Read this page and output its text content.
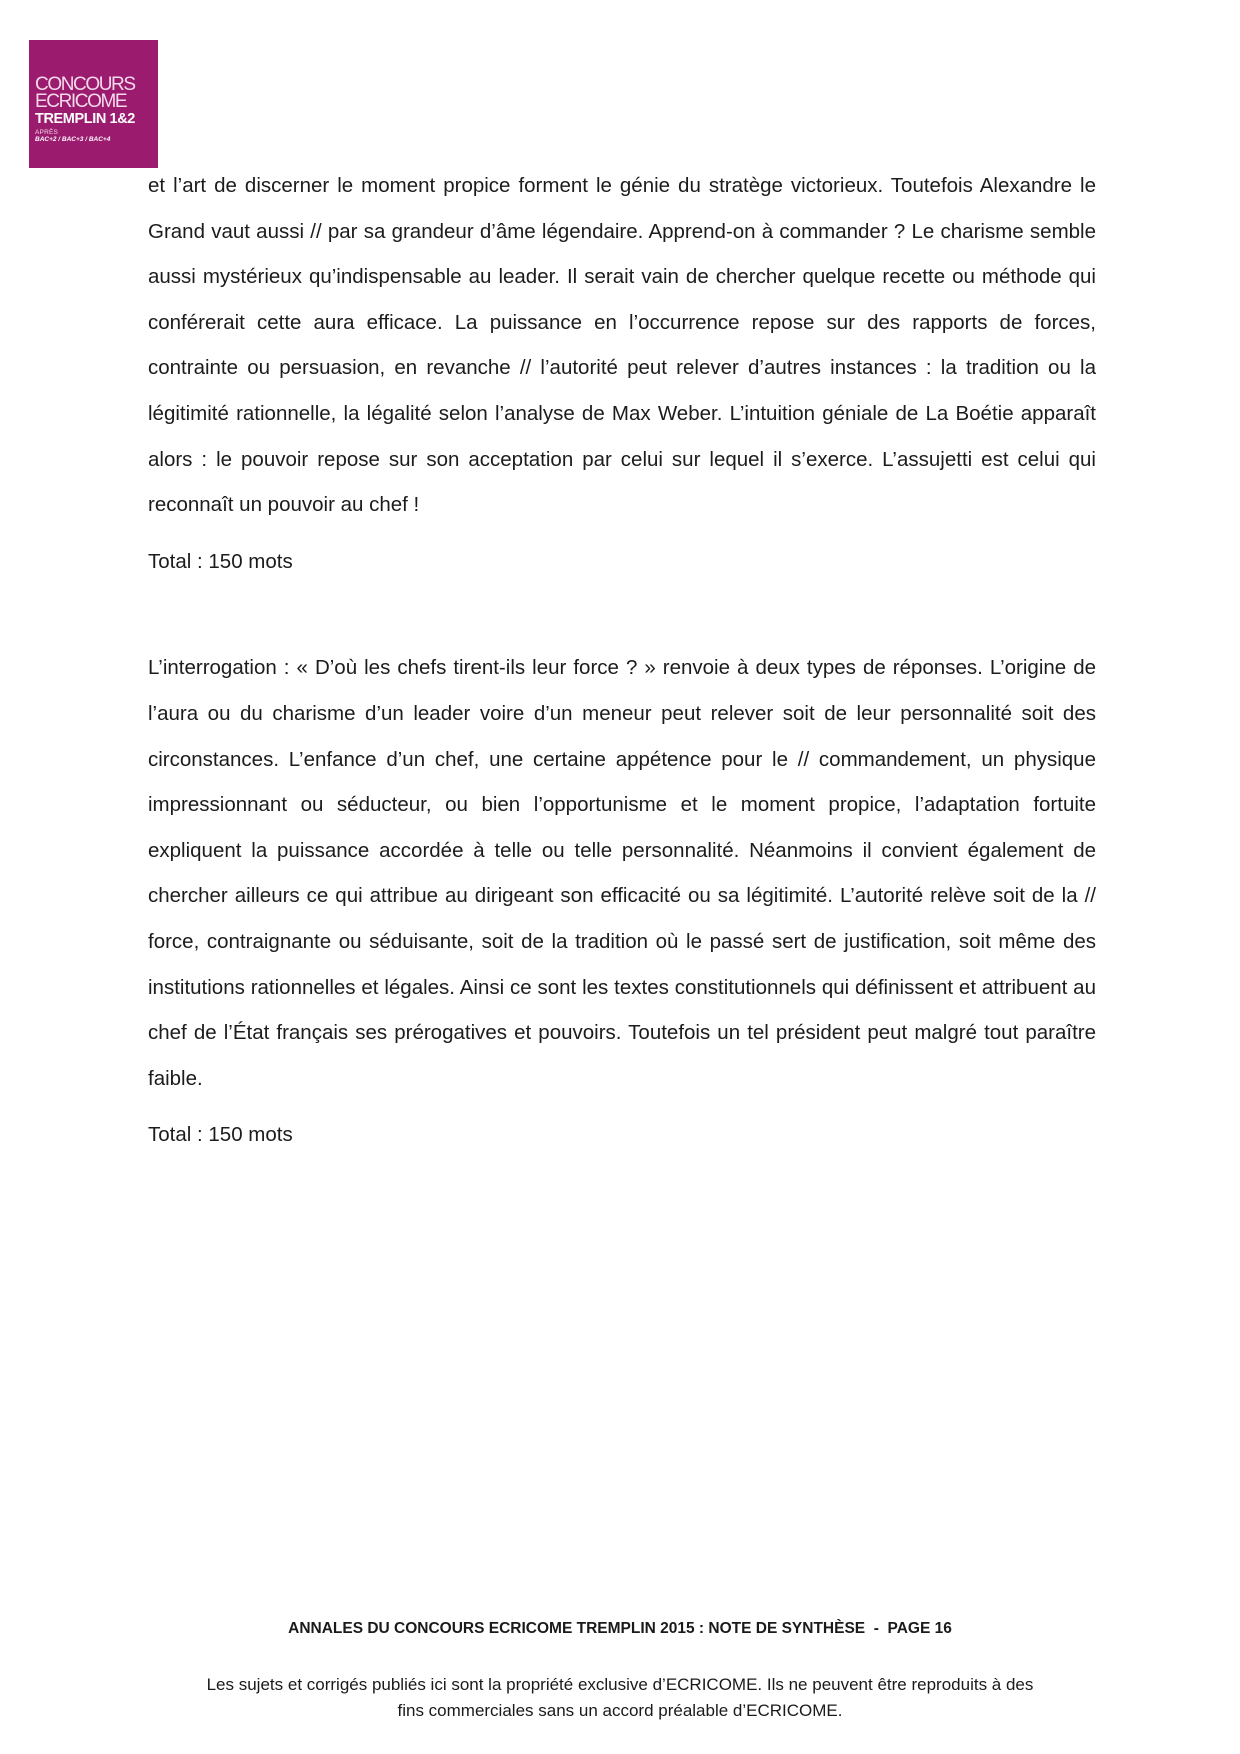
CONCOURS
ECRICOME
TREMPLIN 1&2
APRÈS
BAC+2 / BAC+3 / BAC+4

et l’art de discerner le moment propice forment le génie du stratège victorieux. Toutefois Alexandre le Grand vaut aussi // par sa grandeur d’âme légendaire. Apprend-on à commander ? Le charisme semble aussi mystérieux qu’indispensable au leader. Il serait vain de chercher quelque recette ou méthode qui conférerait cette aura efficace. La puissance en l’occurrence repose sur des rapports de forces, contrainte ou persuasion, en revanche // l’autorité peut relever d’autres instances : la tradition ou la légitimité rationnelle, la légalité selon l’analyse de Max Weber. L’intuition géniale de La Boétie apparaît alors : le pouvoir repose sur son acceptation par celui sur lequel il s’exerce. L’assujetti est celui qui reconnaît un pouvoir au chef !

Total : 150 mots

L’interrogation : « D’où les chefs tirent-ils leur force ? » renvoie à deux types de réponses. L’origine de l’aura ou du charisme d’un leader voire d’un meneur peut relever soit de leur personnalité soit des circonstances. L’enfance d’un chef, une certaine appétence pour le // commandement, un physique impressionnant ou séducteur, ou bien l’opportunisme et le moment propice, l’adaptation fortuite expliquent la puissance accordée à telle ou telle personnalité. Néanmoins il convient également de chercher ailleurs ce qui attribue au dirigeant son efficacité ou sa légitimité. L’autorité relève soit de la // force, contraignante ou séduisante, soit de la tradition où le passé sert de justification, soit même des institutions rationnelles et légales. Ainsi ce sont les textes constitutionnels qui définissent et attribuent au chef de l’État français ses prérogatives et pouvoirs. Toutefois un tel président peut malgré tout paraître faible.

Total : 150 mots

ANNALES DU CONCOURS ECRICOME TREMPLIN 2015 : NOTE DE SYNTHÈSE  -  PAGE 16
Les sujets et corrigés publiés ici sont la propriété exclusive d’ECRICOME. Ils ne peuvent être reproduits à des
fins commerciales sans un accord préalable d’ECRICOME.
